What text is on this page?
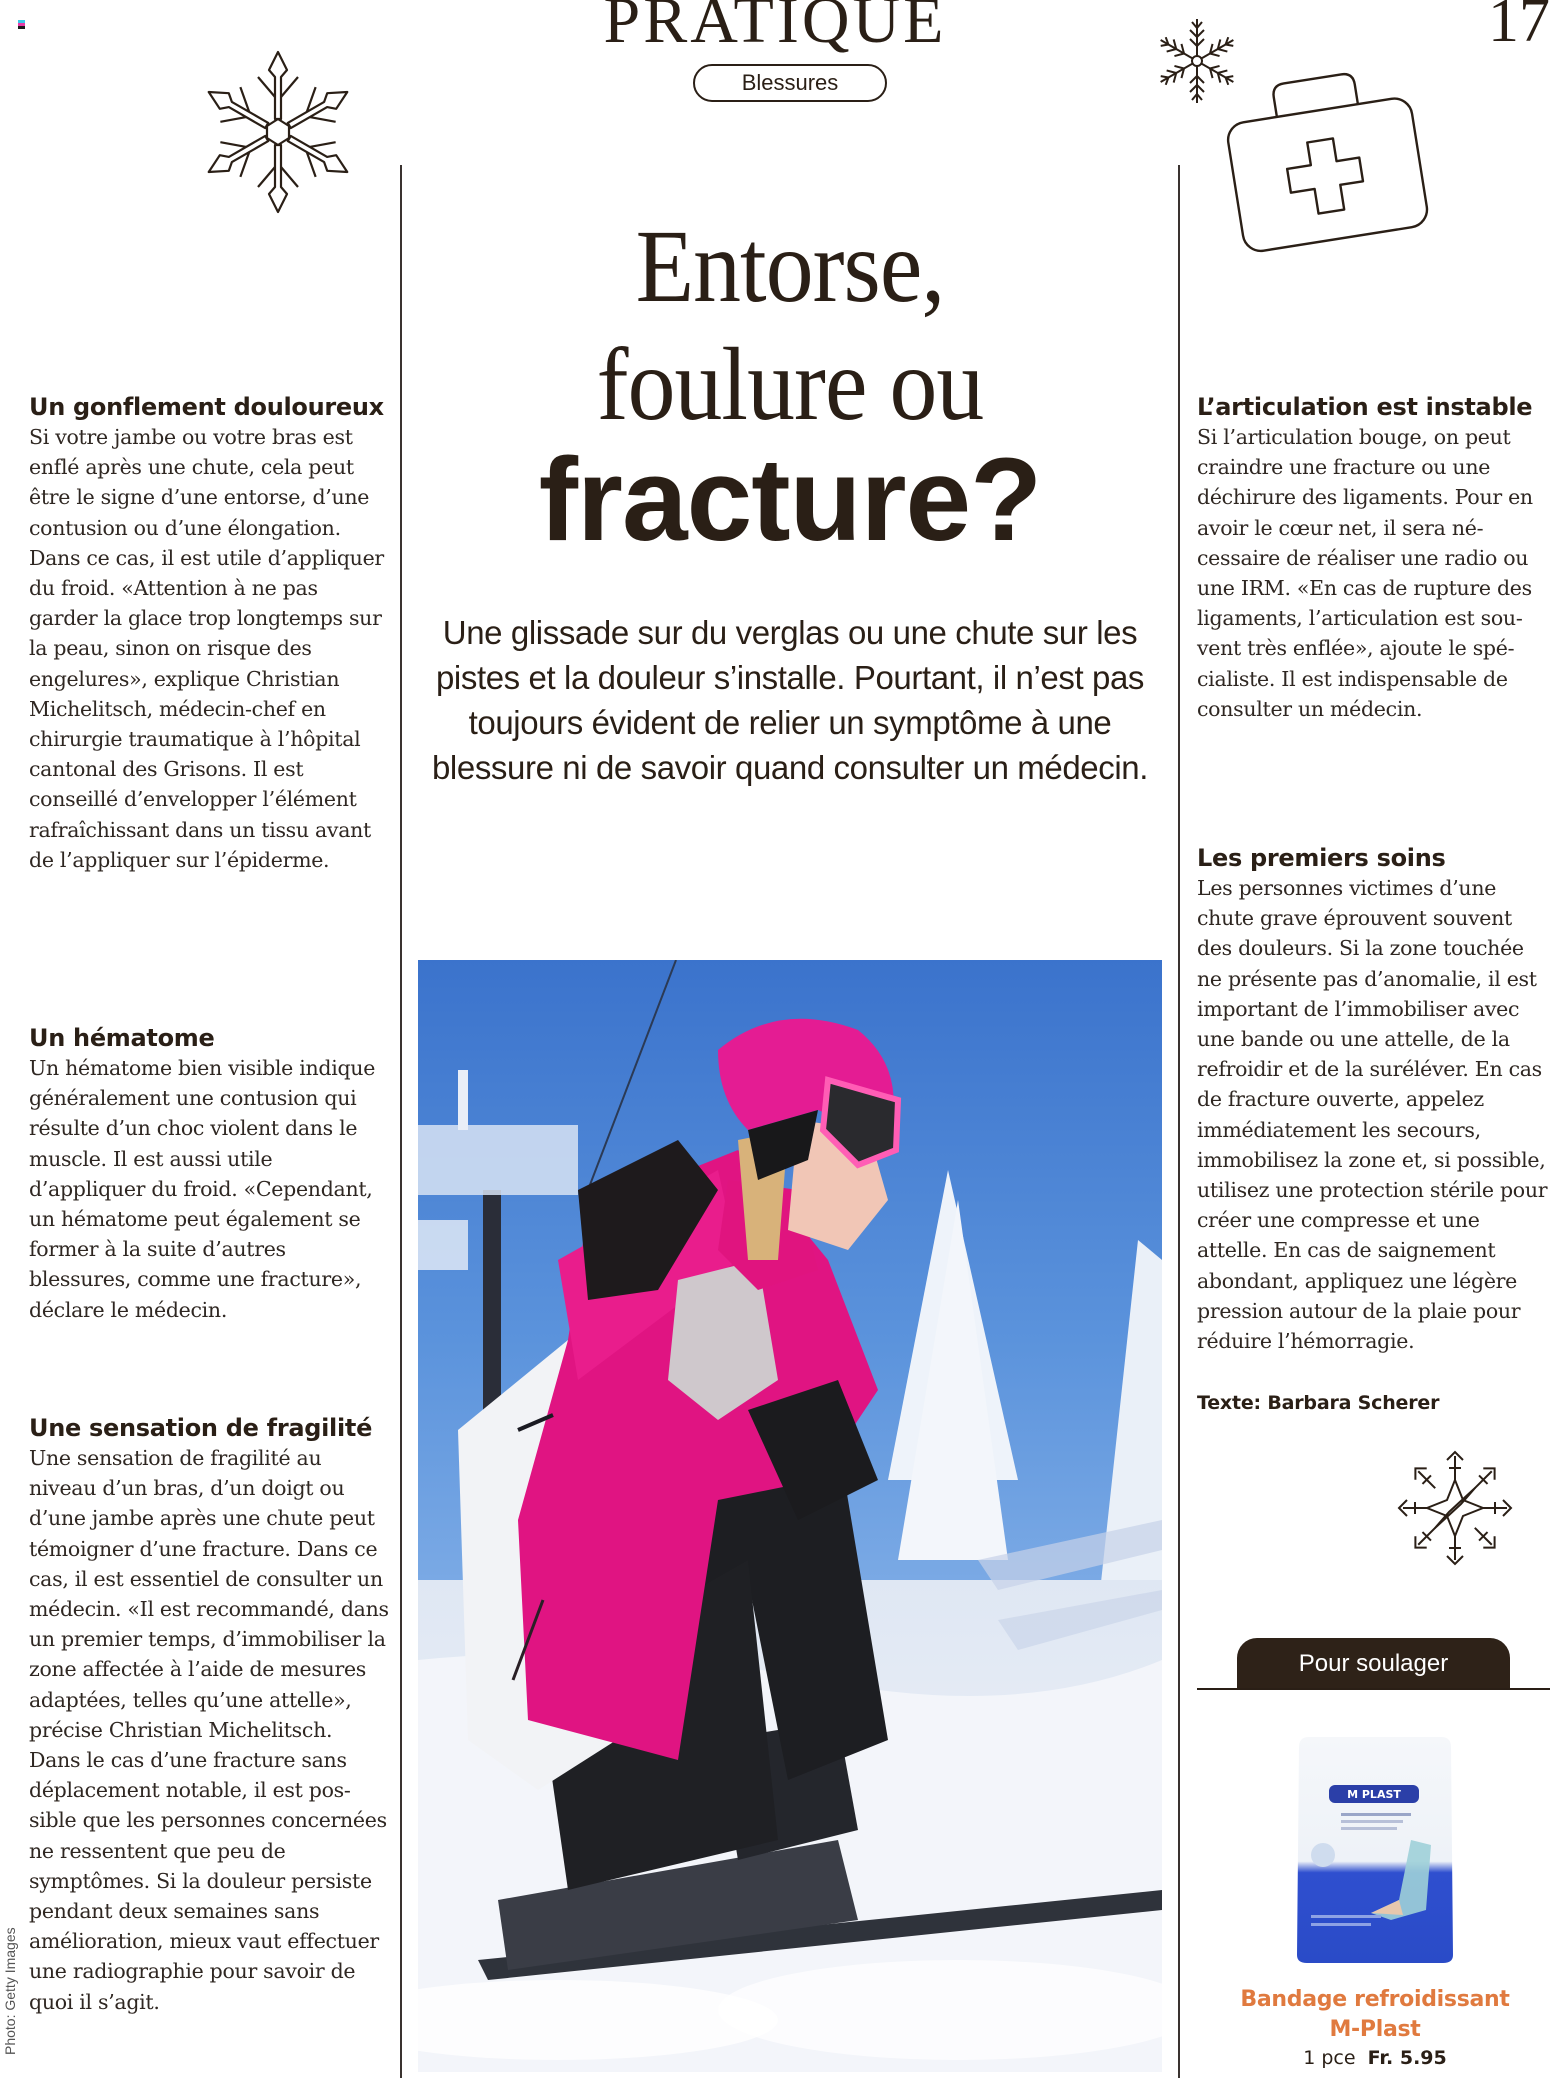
PRATIQUE	17
Blessures
Entorse,
foulure ou
fracture?

Une glissade sur du verglas ou une chute sur les pistes et la douleur s’installe. Pourtant, il n’est pas toujours évident de relier un symptôme à une blessure ni de savoir quand consulter un médecin.

Un gonflement douloureux

Si votre jambe ou votre bras est enflé après une chute, cela peut être le signe d’une entorse, d’une contusion ou d’une élongation. Dans ce cas, il est utile d’appliquer du froid. «Attention à ne pas garder la glace trop longtemps sur la peau, sinon on risque des engelures», explique Christian Michelitsch, médecin-chef en chirurgie traumatique à l’hôpital cantonal des Grisons. Il est conseillé d’envelopper l’élément rafraîchissant dans un tissu avant de l’appliquer sur l’épiderme.

Un hématome

Un hématome bien visible indique généralement une contusion qui résulte d’un choc violent dans le muscle. Il est aussi utile d’appliquer du froid. «Cependant, un hématome peut également se former à la suite d’autres blessures, comme une fracture», déclare le médecin.

Une sensation de fragilité

Une sensation de fragilité au niveau d’un bras, d’un doigt ou d’une jambe après une chute peut témoigner d’une fracture. Dans ce cas, il est essentiel de consulter un médecin. «Il est recommandé, dans un premier temps, d’immobiliser la zone affectée à l’aide de mesures adaptées, telles qu’une attelle», précise Christian Michelitsch. Dans le cas d’une fracture sans déplacement notable, il est possible que les personnes concernées ne ressentent que peu de symptômes. Si la douleur persiste pendant deux semaines sans amélioration, mieux vaut effectuer une radiographie pour savoir de quoi il s’agit.

Photo: Getty Images
L’articulation est instable

Si l’articulation bouge, on peut craindre une fracture ou une déchirure des ligaments. Pour en avoir le cœur net, il sera nécessaire de réaliser une radio ou une IRM. «En cas de rupture des ligaments, l’articulation est souvent très enflée», ajoute le spécialiste. Il est indispensable de consulter un médecin.

Les premiers soins

Les personnes victimes d’une chute grave éprouvent souvent des douleurs. Si la zone touchée ne présente pas d’anomalie, il est important de l’immobiliser avec une bande ou une attelle, de la refroidir et de la suréléver. En cas de fracture ouverte, appelez immédiatement les secours, immobilisez la zone et, si possible, utilisez une protection stérile pour créer une compresse et une attelle. En cas de saignement abondant, appliquez une légère pression autour de la plaie pour réduire l’hémorragie.

Texte: Barbara Scherer
Pour soulager
M PLAST
Bandage refroidissant
M-Plast
1 pce Fr. 5.95
